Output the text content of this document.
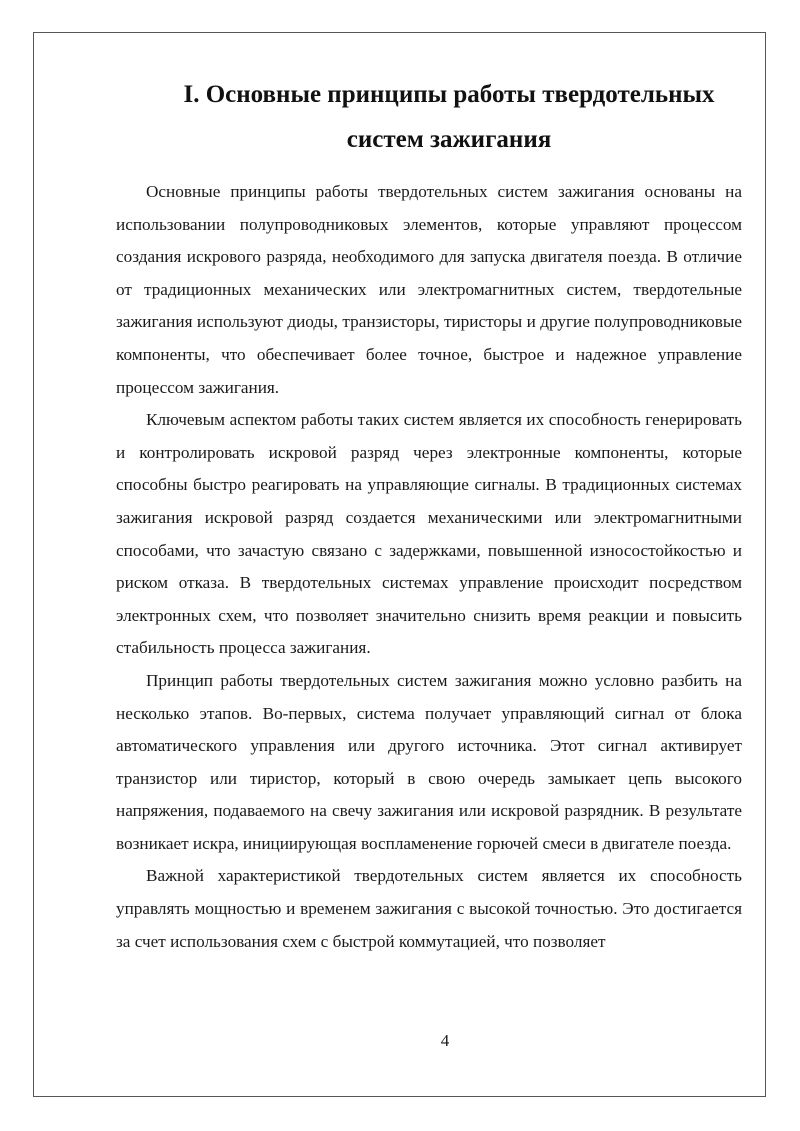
I. Основные принципы работы твердотельных
систем зажигания

Основные принципы работы твердотельных систем зажигания основаны на использовании полупроводниковых элементов, которые управляют процессом создания искрового разряда, необходимого для запуска двигателя поезда. В отличие от традиционных механических или электромагнитных систем, твердотельные зажигания используют диоды, транзисторы, тиристоры и другие полупроводниковые компоненты, что обеспечивает более точное, быстрое и надежное управление процессом зажигания.

Ключевым аспектом работы таких систем является их способность генерировать и контролировать искровой разряд через электронные компоненты, которые способны быстро реагировать на управляющие сигналы. В традиционных системах зажигания искровой разряд создается механическими или электромагнитными способами, что зачастую связано с задержками, повышенной износостойкостью и риском отказа. В твердотельных системах управление происходит посредством электронных схем, что позволяет значительно снизить время реакции и повысить стабильность процесса зажигания.

Принцип работы твердотельных систем зажигания можно условно разбить на несколько этапов. Во-первых, система получает управляющий сигнал от блока автоматического управления или другого источника. Этот сигнал активирует транзистор или тиристор, который в свою очередь замыкает цепь высокого напряжения, подаваемого на свечу зажигания или искровой разрядник. В результате возникает искра, инициирующая воспламенение горючей смеси в двигателе поезда.

Важной характеристикой твердотельных систем является их способность управлять мощностью и временем зажигания с высокой точностью. Это достигается за счет использования схем с быстрой коммутацией, что позволяет

4
